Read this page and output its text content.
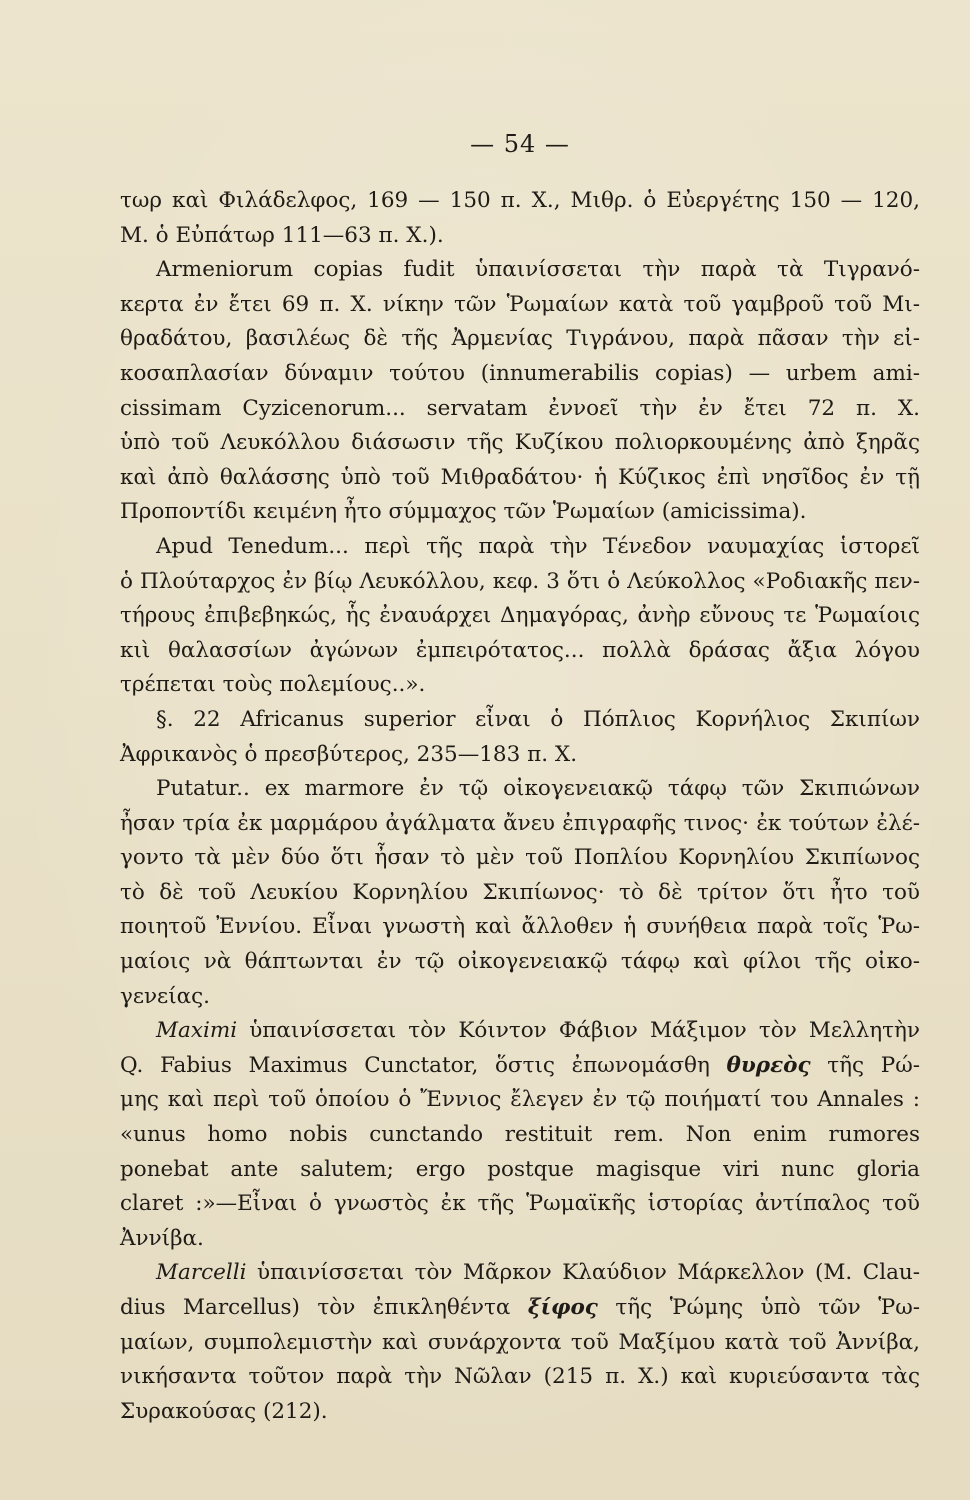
— 54 —
τωρ καὶ Φιλάδελφος, 169 — 150 π. Χ., Μιθρ. ὁ Εὐεργέτης 150 — 120,
Μ. ὁ Εὐπάτωρ 111—63 π. Χ.).
Armeniorum copias fudit ὑπαινίσσεται τὴν παρὰ τὰ Τιγρανό-
κερτα ἐν ἔτει 69 π. Χ. νίκην τῶν Ῥωμαίων κατὰ τοῦ γαμβροῦ τοῦ Μι-
θραδάτου, βασιλέως δὲ τῆς Ἀρμενίας Τιγράνου, παρὰ πᾶσαν τὴν εἰ-
κοσαπλασίαν δύναμιν τούτου (innumerabilis copias) — urbem ami-
cissimam Cyzicenorum... servatam ἐννοεῖ τὴν ἐν ἔτει 72 π. Χ.
ὑπὸ τοῦ Λευκόλλου διάσωσιν τῆς Κυζίκου πολιορκουμένης ἀπὸ ξηρᾶς
καὶ ἀπὸ θαλάσσης ὑπὸ τοῦ Μιθραδάτου· ἡ Κύζικος ἐπὶ νησῖδος ἐν τῇ
Προποντίδι κειμένη ἦτο σύμμαχος τῶν Ῥωμαίων (amicissima).
Apud Tenedum... περὶ τῆς παρὰ τὴν Τένεδον ναυμαχίας ἱστορεῖ
ὁ Πλούταρχος ἐν βίῳ Λευκόλλου, κεφ. 3 ὅτι ὁ Λεύκολλος «Ροδιακῆς πεν-
τήρους ἐπιβεβηκώς, ἧς ἐναυάρχει Δημαγόρας, ἀνὴρ εὔνους τε Ῥωμαίοις
κιὶ θαλασσίων ἀγώνων ἐμπειρότατος... πολλὰ δράσας ἄξια λόγου
τρέπεται τοὺς πολεμίους..».
§. 22 Africanus superior εἶναι ὁ Πόπλιος Κορνήλιος Σκιπίων
Ἀφρικανὸς ὁ πρεσβύτερος, 235—183 π. Χ.
Putatur.. ex marmore ἐν τῷ οἰκογενειακῷ τάφῳ τῶν Σκιπιώνων
ἦσαν τρία ἐκ μαρμάρου ἀγάλματα ἄνευ ἐπιγραφῆς τινος· ἐκ τούτων ἐλέ-
γοντο τὰ μὲν δύο ὅτι ἦσαν τὸ μὲν τοῦ Ποπλίου Κορνηλίου Σκιπίωνος
τὸ δὲ τοῦ Λευκίου Κορνηλίου Σκιπίωνος· τὸ δὲ τρίτον ὅτι ἦτο τοῦ
ποιητοῦ Ἐννίου. Εἶναι γνωστὴ καὶ ἄλλοθεν ἡ συνήθεια παρὰ τοῖς Ῥω-
μαίοις νὰ θάπτωνται ἐν τῷ οἰκογενειακῷ τάφῳ καὶ φίλοι τῆς οἰκο-
γενείας.
Maximi ὑπαινίσσεται τὸν Κόιντον Φάβιον Μάξιμον τὸν Μελλητὴν
Q. Fabius Maximus Cunctator, ὅστις ἐπωνομάσθη θυρεὸς τῆς Ρώ-
μης καὶ περὶ τοῦ ὁποίου ὁ Ἔννιος ἔλεγεν ἐν τῷ ποιήματί του Annales :
«unus homo nobis cunctando restituit rem. Non enim rumores
ponebat ante salutem; ergo postque magisque viri nunc gloria
claret :»—Εἶναι ὁ γνωστὸς ἐκ τῆς Ῥωμαϊκῆς ἱστορίας ἀντίπαλος τοῦ
Ἀννίβα.
Marcelli ὑπαινίσσεται τὸν Μᾶρκον Κλαύδιον Μάρκελλον (M. Clau-
dius Marcellus) τὸν ἐπικληθέντα ξίφος τῆς Ῥώμης ὑπὸ τῶν Ῥω-
μαίων, συμπολεμιστὴν καὶ συνάρχοντα τοῦ Μαξίμου κατὰ τοῦ Ἀννίβα,
νικήσαντα τοῦτον παρὰ τὴν Νῶλαν (215 π. Χ.) καὶ κυριεύσαντα τὰς
Συρακούσας (212).
